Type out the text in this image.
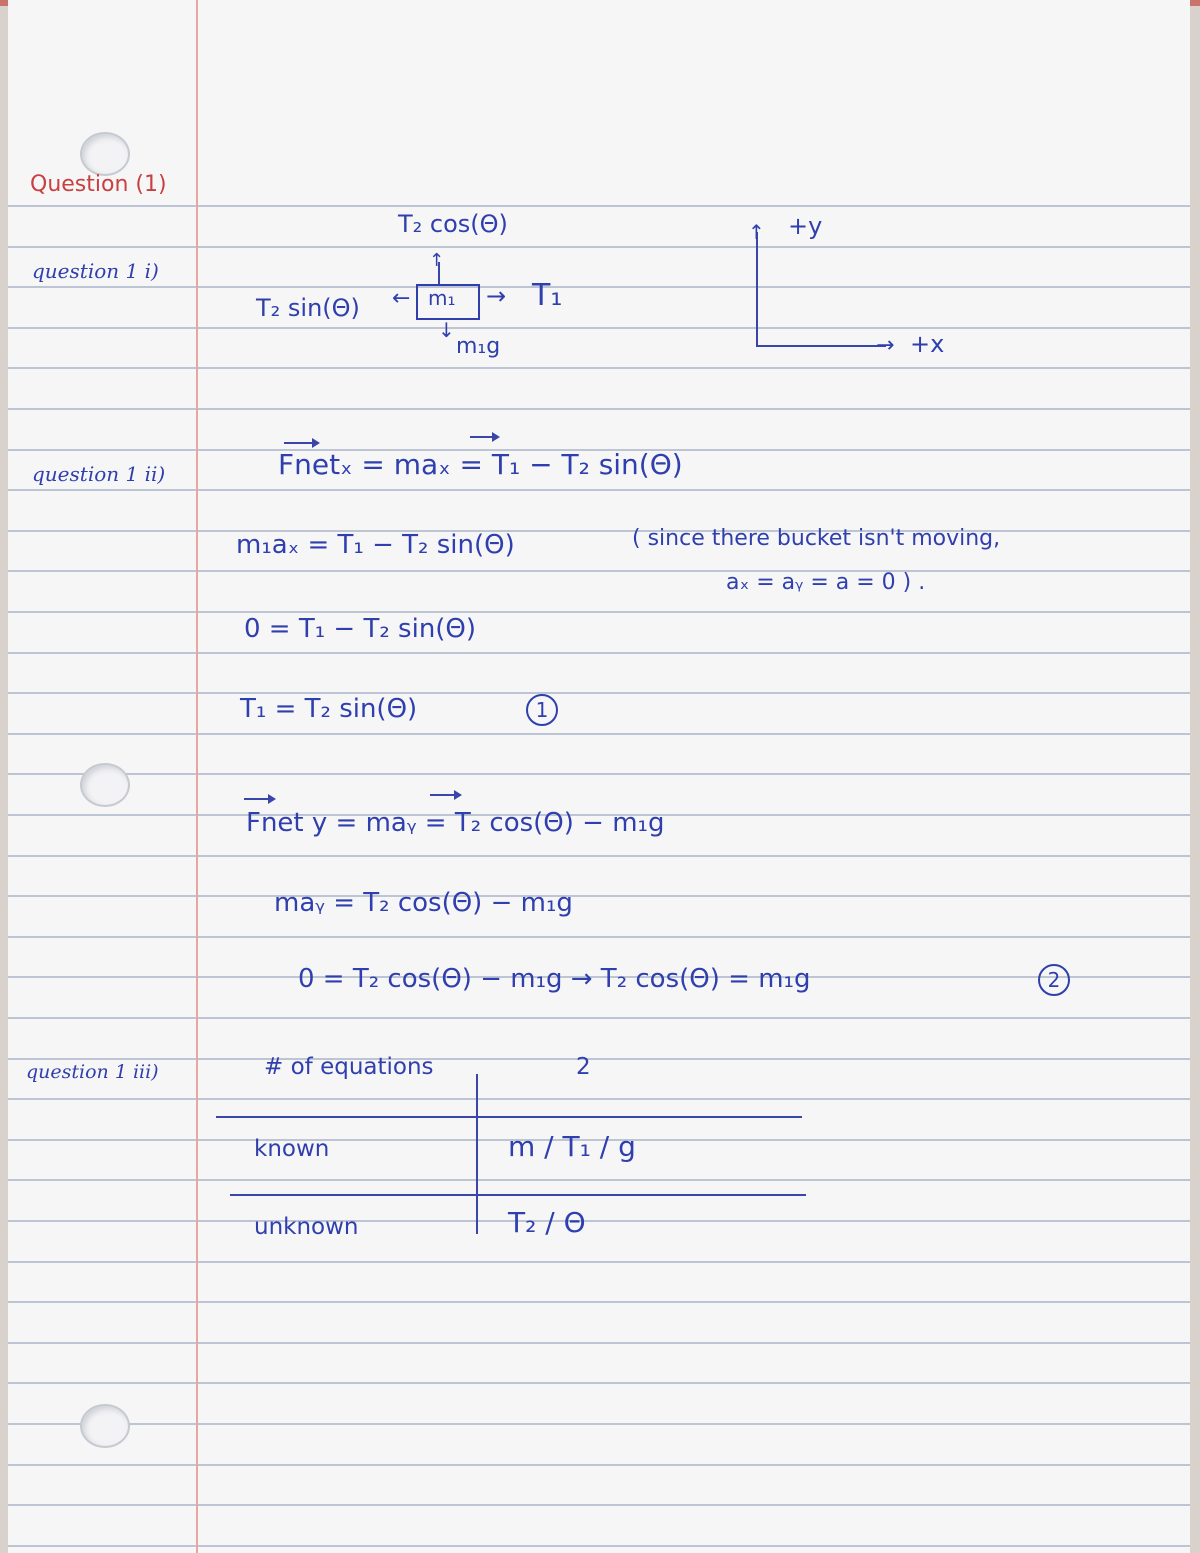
Question (1)
question 1 i)
question 1 ii)
question 1 iii)
T₂ cos(Θ)
↑
T₂ sin(Θ) ← m₁ → T₁
↓
m₁g
↑ +y
→ +x
Fnetₓ = maₓ = T₁ − T₂ sin(Θ)
m₁aₓ = T₁ − T₂ sin(Θ)	( since there bucket isn't moving,
aₓ = aᵧ = a = 0 ) .
0 = T₁ − T₂ sin(Θ)
T₁ = T₂ sin(Θ)	1
Fnet y = maᵧ = T₂ cos(Θ) − m₁g
maᵧ = T₂ cos(Θ) − m₁g
0 = T₂ cos(Θ) − m₁g → T₂ cos(Θ) = m₁g	2
# of equations	2
known	m / T₁ / g
unknown	T₂ / Θ
